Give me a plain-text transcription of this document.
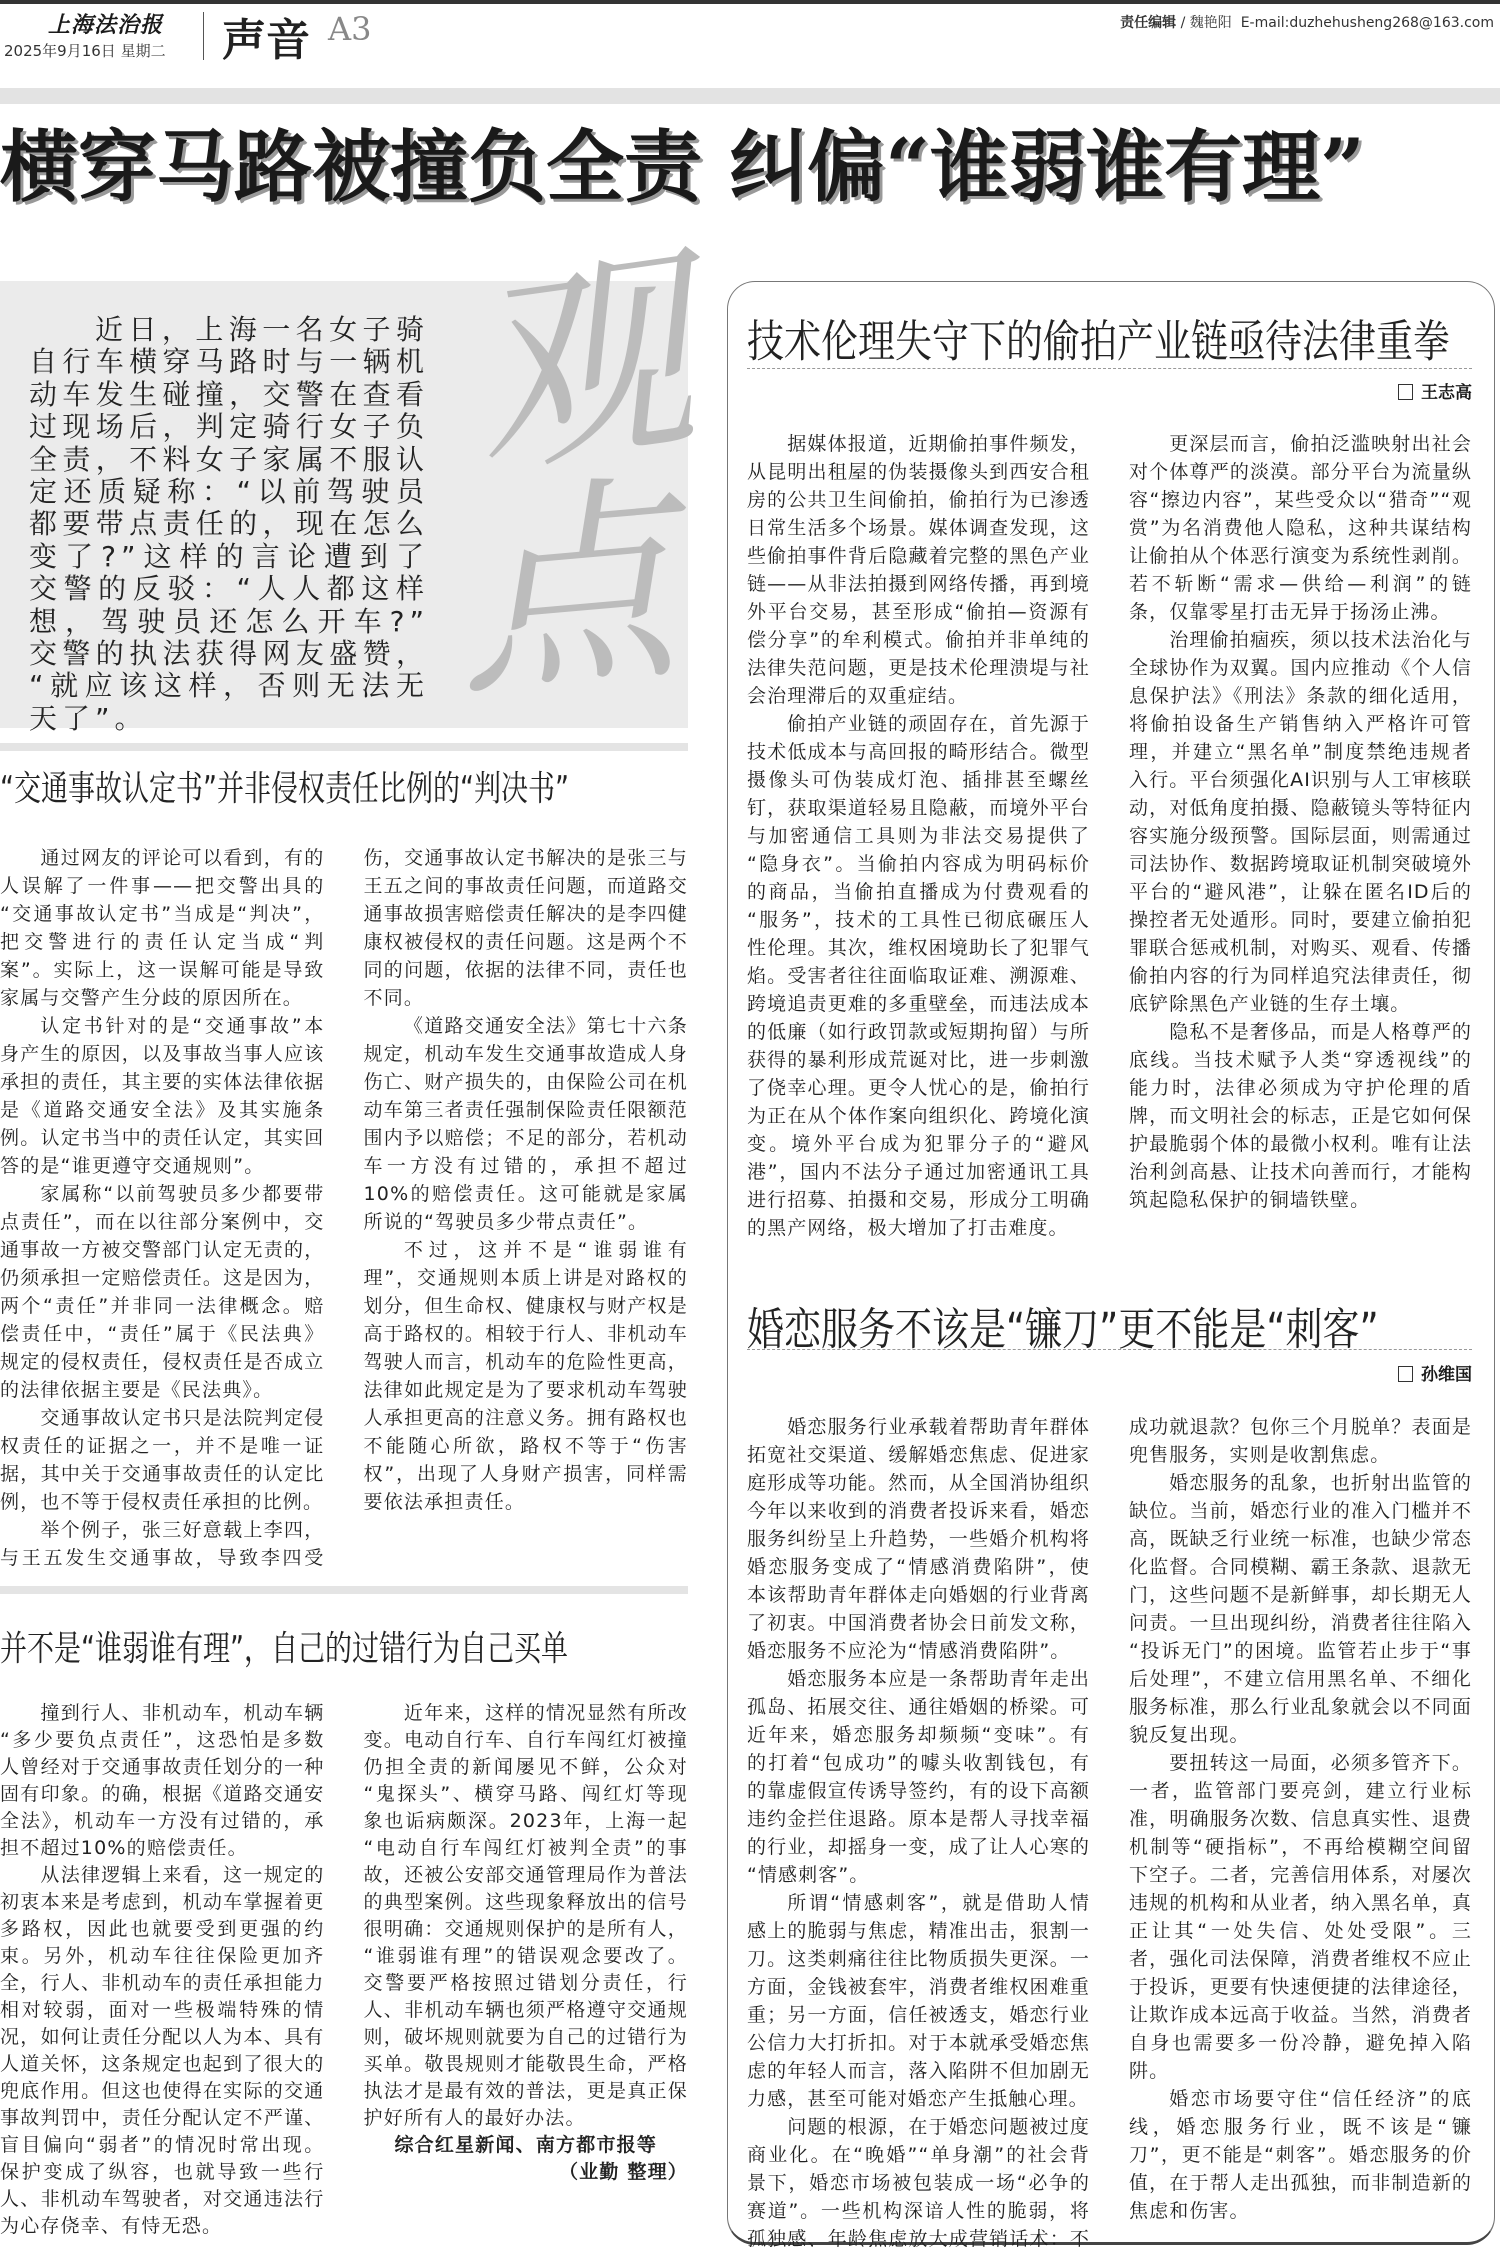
上海法治报
2025年9月16日 星期二 声音 A3	责任编辑 / 魏艳阳 E-mail:duzhehusheng268@163.com
横穿马路被撞负全责 纠偏“谁弱谁有理”
观
点
近日，上海一名女子骑自行车横穿马路时与一辆机动车发生碰撞，交警在查看过现场后，判定骑行女子负全责，不料女子家属不服认定还质疑称：“以前驾驶员都要带点责任的，现在怎么变了?”这样的言论遭到了交警的反驳：“人人都这样想，驾驶员还怎么开车?”交警的执法获得网友盛赞，“就应该这样，否则无法无天了”。
“交通事故认定书”并非侵权责任比例的“判决书”

通过网友的评论可以看到，有的人误解了一件事——把交警出具的“交通事故认定书”当成是“判决”，把交警进行的责任认定当成“判案”。实际上，这一误解可能是导致家属与交警产生分歧的原因所在。

认定书针对的是“交通事故”本身产生的原因，以及事故当事人应该承担的责任，其主要的实体法律依据是《道路交通安全法》及其实施条例。认定书当中的责任认定，其实回答的是“谁更遵守交通规则”。

家属称“以前驾驶员多少都要带点责任”，而在以往部分案例中，交通事故一方被交警部门认定无责的，仍须承担一定赔偿责任。这是因为，两个“责任”并非同一法律概念。赔偿责任中，“责任”属于《民法典》规定的侵权责任，侵权责任是否成立的法律依据主要是《民法典》。

交通事故认定书只是法院判定侵权责任的证据之一，并不是唯一证据，其中关于交通事故责任的认定比例，也不等于侵权责任承担的比例。

举个例子，张三好意载上李四，与王五发生交通事故，导致李四受伤，交通事故认定书解决的是张三与王五之间的事故责任问题，而道路交通事故损害赔偿责任解决的是李四健康权被侵权的责任问题。这是两个不同的问题，依据的法律不同，责任也不同。

《道路交通安全法》第七十六条规定，机动车发生交通事故造成人身伤亡、财产损失的，由保险公司在机动车第三者责任强制保险责任限额范围内予以赔偿；不足的部分，若机动车一方没有过错的，承担不超过10%的赔偿责任。这可能就是家属所说的“驾驶员多少带点责任”。

不过，这并不是“谁弱谁有理”，交通规则本质上讲是对路权的划分，但生命权、健康权与财产权是高于路权的。相较于行人、非机动车驾驶人而言，机动车的危险性更高，法律如此规定是为了要求机动车驾驶人承担更高的注意义务。拥有路权也不能随心所欲，路权不等于“伤害权”，出现了人身财产损害，同样需要依法承担责任。

并不是“谁弱谁有理”，自己的过错行为自己买单

撞到行人、非机动车，机动车辆“多少要负点责任”，这恐怕是多数人曾经对于交通事故责任划分的一种固有印象。的确，根据《道路交通安全法》，机动车一方没有过错的，承担不超过10%的赔偿责任。

从法律逻辑上来看，这一规定的初衷本来是考虑到，机动车掌握着更多路权，因此也就要受到更强的约束。另外，机动车往往保险更加齐全，行人、非机动车的责任承担能力相对较弱，面对一些极端特殊的情况，如何让责任分配以人为本、具有人道关怀，这条规定也起到了很大的兜底作用。但这也使得在实际的交通事故判罚中，责任分配认定不严谨、盲目偏向“弱者”的情况时常出现。保护变成了纵容，也就导致一些行人、非机动车驾驶者，对交通违法行为心存侥幸、有恃无恐。

近年来，这样的情况显然有所改变。电动自行车、自行车闯红灯被撞仍担全责的新闻屡见不鲜，公众对“鬼探头”、横穿马路、闯红灯等现象也诟病颇深。2023年，上海一起“电动自行车闯红灯被判全责”的事故，还被公安部交通管理局作为普法的典型案例。这些现象释放出的信号很明确：交通规则保护的是所有人，“谁弱谁有理”的错误观念要改了。交警要严格按照过错划分责任，行人、非机动车辆也须严格遵守交通规则，破坏规则就要为自己的过错行为买单。敬畏规则才能敬畏生命，严格执法才是最有效的普法，更是真正保护好所有人的最好办法。

综合红星新闻、南方都市报等

（业勤 整理）

技术伦理失守下的偷拍产业链亟待法律重拳
王志高

据媒体报道，近期偷拍事件频发，从昆明出租屋的伪装摄像头到西安合租房的公共卫生间偷拍，偷拍行为已渗透日常生活多个场景。媒体调查发现，这些偷拍事件背后隐藏着完整的黑色产业链——从非法拍摄到网络传播，再到境外平台交易，甚至形成“偷拍—资源有偿分享”的牟利模式。偷拍并非单纯的法律失范问题，更是技术伦理溃堤与社会治理滞后的双重症结。

偷拍产业链的顽固存在，首先源于技术低成本与高回报的畸形结合。微型摄像头可伪装成灯泡、插排甚至螺丝钉，获取渠道轻易且隐蔽，而境外平台与加密通信工具则为非法交易提供了“隐身衣”。当偷拍内容成为明码标价的商品，当偷拍直播成为付费观看的“服务”，技术的工具性已彻底碾压人性伦理。其次，维权困境助长了犯罪气焰。受害者往往面临取证难、溯源难、跨境追责更难的多重壁垒，而违法成本的低廉（如行政罚款或短期拘留）与所获得的暴利形成荒诞对比，进一步刺激了侥幸心理。更令人忧心的是，偷拍行为正在从个体作案向组织化、跨境化演变。境外平台成为犯罪分子的“避风港”，国内不法分子通过加密通讯工具进行招募、拍摄和交易，形成分工明确的黑产网络，极大增加了打击难度。

更深层而言，偷拍泛滥映射出社会对个体尊严的淡漠。部分平台为流量纵容“擦边内容”，某些受众以“猎奇”“观赏”为名消费他人隐私，这种共谋结构让偷拍从个体恶行演变为系统性剥削。若不斩断“需求—供给—利润”的链条，仅靠零星打击无异于扬汤止沸。

治理偷拍痼疾，须以技术法治化与全球协作为双翼。国内应推动《个人信息保护法》《刑法》条款的细化适用，将偷拍设备生产销售纳入严格许可管理，并建立“黑名单”制度禁绝违规者入行。平台须强化AI识别与人工审核联动，对低角度拍摄、隐蔽镜头等特征内容实施分级预警。国际层面，则需通过司法协作、数据跨境取证机制突破境外平台的“避风港”，让躲在匿名ID后的操控者无处遁形。同时，要建立偷拍犯罪联合惩戒机制，对购买、观看、传播偷拍内容的行为同样追究法律责任，彻底铲除黑色产业链的生存土壤。

隐私不是奢侈品，而是人格尊严的底线。当技术赋予人类“穿透视线”的能力时，法律必须成为守护伦理的盾牌，而文明社会的标志，正是它如何保护最脆弱个体的最微小权利。唯有让法治利剑高悬、让技术向善而行，才能构筑起隐私保护的铜墙铁壁。

婚恋服务不该是“镰刀”更不能是“刺客”
孙维国

婚恋服务行业承载着帮助青年群体拓宽社交渠道、缓解婚恋焦虑、促进家庭形成等功能。然而，从全国消协组织今年以来收到的消费者投诉来看，婚恋服务纠纷呈上升趋势，一些婚介机构将婚恋服务变成了“情感消费陷阱”，使本该帮助青年群体走向婚姻的行业背离了初衷。中国消费者协会日前发文称，婚恋服务不应沦为“情感消费陷阱”。

婚恋服务本应是一条帮助青年走出孤岛、拓展交往、通往婚姻的桥梁。可近年来，婚恋服务却频频“变味”。有的打着“包成功”的噱头收割钱包，有的靠虚假宣传诱导签约，有的设下高额违约金拦住退路。原本是帮人寻找幸福的行业，却摇身一变，成了让人心寒的“情感刺客”。

所谓“情感刺客”，就是借助人情感上的脆弱与焦虑，精准出击，狠割一刀。这类刺痛往往比物质损失更深。一方面，金钱被套牢，消费者维权困难重重；另一方面，信任被透支，婚恋行业公信力大打折扣。对于本就承受婚恋焦虑的年轻人而言，落入陷阱不但加剧无力感，甚至可能对婚恋产生抵触心理。

问题的根源，在于婚恋问题被过度商业化。在“晚婚”“单身潮”的社会背景下，婚恋市场被包装成一场“必争的赛道”。一些机构深谙人性的脆弱，将孤独感、年龄焦虑放大成营销话术：不成功就退款？包你三个月脱单？表面是兜售服务，实则是收割焦虑。

婚恋服务的乱象，也折射出监管的缺位。当前，婚恋行业的准入门槛并不高，既缺乏行业统一标准，也缺少常态化监督。合同模糊、霸王条款、退款无门，这些问题不是新鲜事，却长期无人问责。一旦出现纠纷，消费者往往陷入“投诉无门”的困境。监管若止步于“事后处理”，不建立信用黑名单、不细化服务标准，那么行业乱象就会以不同面貌反复出现。

要扭转这一局面，必须多管齐下。一者，监管部门要亮剑，建立行业标准，明确服务次数、信息真实性、退费机制等“硬指标”，不再给模糊空间留下空子。二者，完善信用体系，对屡次违规的机构和从业者，纳入黑名单，真正让其“一处失信、处处受限”。三者，强化司法保障，消费者维权不应止于投诉，更要有快速便捷的法律途径，让欺诈成本远高于收益。当然，消费者自身也需要多一份冷静，避免掉入陷阱。

婚恋市场要守住“信任经济”的底线，婚恋服务行业，既不该是“镰刀”，更不能是“刺客”。婚恋服务的价值，在于帮人走出孤独，而非制造新的焦虑和伤害。
